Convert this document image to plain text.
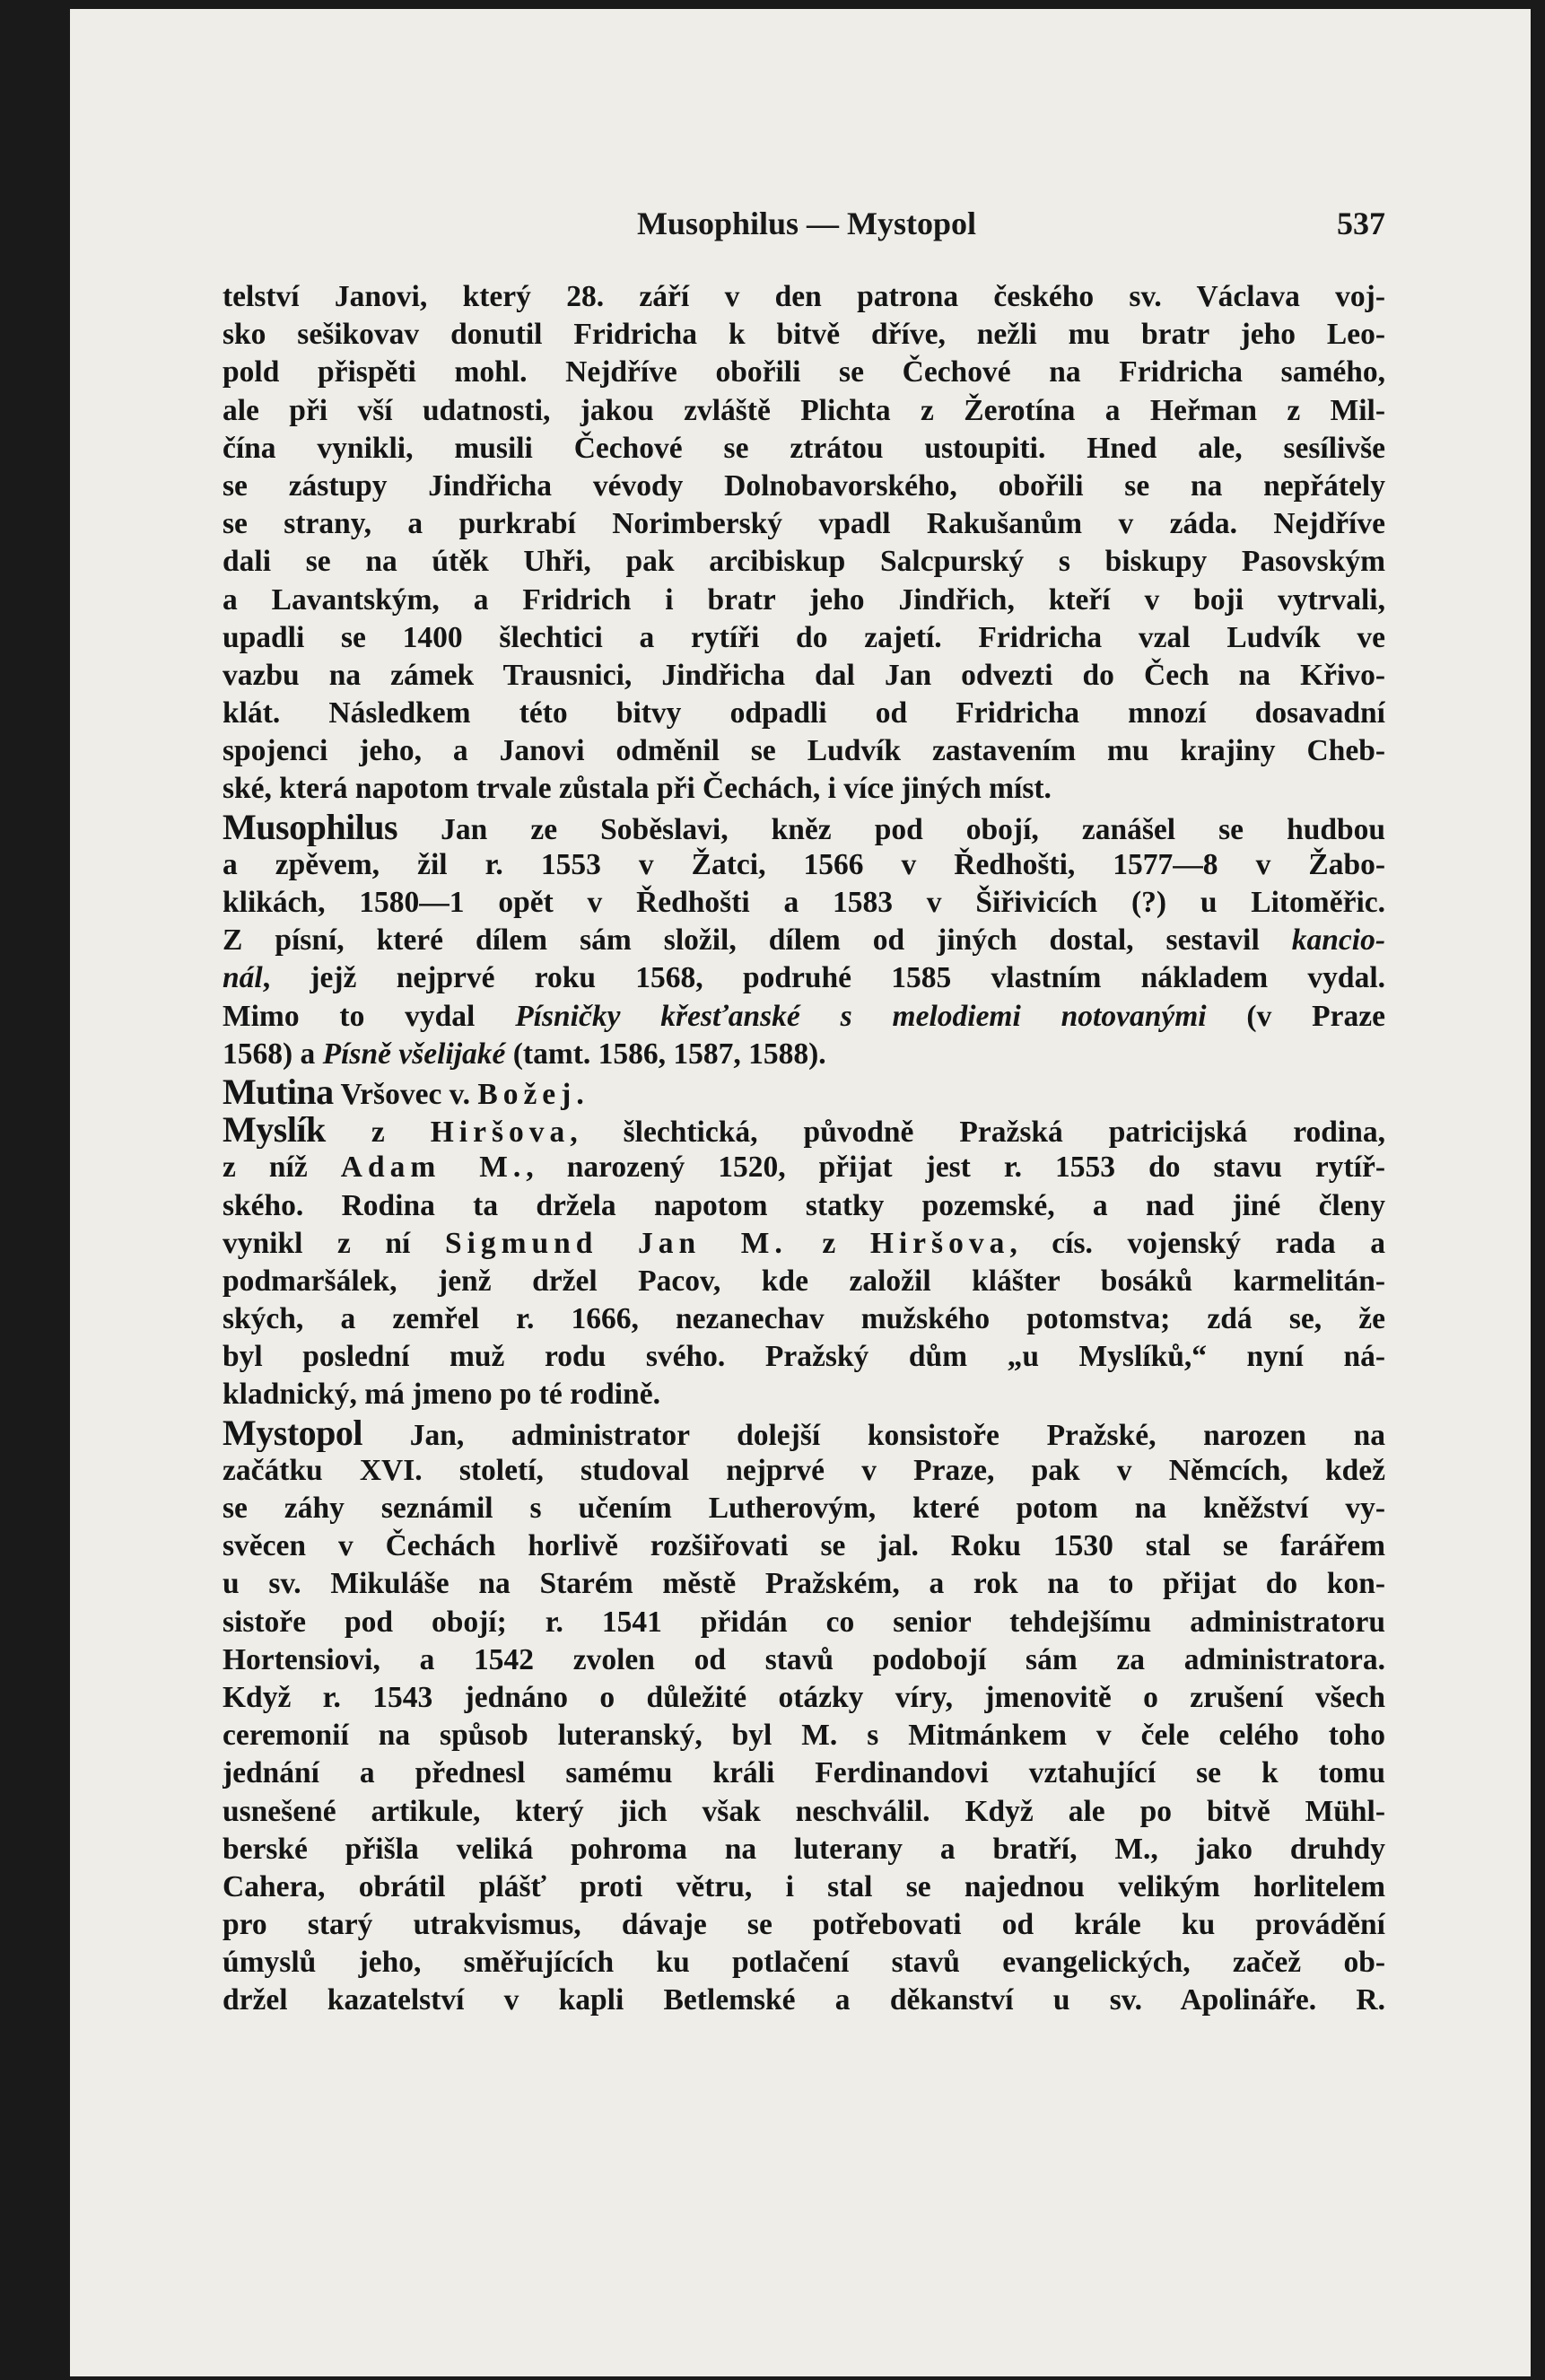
Musophilus — Mystopol	537
telství Janovi, který 28. září v den patrona českého sv. Václava voj-
sko sešikovav donutil Fridricha k bitvě dříve, nežli mu bratr jeho Leo-
pold přispěti mohl. Nejdříve obořili se Čechové na Fridricha samého,
ale při vší udatnosti, jakou zvláště Plichta z Žerotína a Heřman z Mil-
čína vynikli, musili Čechové se ztrátou ustoupiti. Hned ale, sesílivše
se zástupy Jindřicha vévody Dolnobavorského, obořili se na nepřátely
se strany, a purkrabí Norimberský vpadl Rakušanům v záda. Nejdříve
dali se na útěk Uhři, pak arcibiskup Salcpurský s biskupy Pasovským
a Lavantským, a Fridrich i bratr jeho Jindřich, kteří v boji vytrvali,
upadli se 1400 šlechtici a rytíři do zajetí. Fridricha vzal Ludvík ve
vazbu na zámek Trausnici, Jindřicha dal Jan odvezti do Čech na Křivo-
klát. Následkem této bitvy odpadli od Fridricha mnozí dosavadní
spojenci jeho, a Janovi odměnil se Ludvík zastavením mu krajiny Cheb-
ské, která napotom trvale zůstala při Čechách, i více jiných míst.
Musophilus Jan ze Soběslavi, kněz pod obojí, zanášel se hudbou
a zpěvem, žil r. 1553 v Žatci, 1566 v Ředhošti, 1577—8 v Žabo-
klikách, 1580—1 opět v Ředhošti a 1583 v Šiřivicích (?) u Litoměřic.
Z písní, které dílem sám složil, dílem od jiných dostal, sestavil kancio-
nál, jejž nejprvé roku 1568, podruhé 1585 vlastním nákladem vydal.
Mimo to vydal Písničky křesťanské s melodiemi notovanými (v Praze
1568) a Písně všelijaké (tamt. 1586, 1587, 1588).
Mutina Vršovec v. Božej.
Myslík z Hiršova, šlechtická, původně Pražská patricijská rodina,
z níž Adam M., narozený 1520, přijat jest r. 1553 do stavu rytíř-
ského. Rodina ta držela napotom statky pozemské, a nad jiné členy
vynikl z ní Sigmund Jan M. z Hiršova, cís. vojenský rada a
podmaršálek, jenž držel Pacov, kde založil klášter bosáků karmelitán-
ských, a zemřel r. 1666, nezanechav mužského potomstva; zdá se, že
byl poslední muž rodu svého. Pražský dům „u Myslíků,“ nyní ná-
kladnický, má jmeno po té rodině.
Mystopol Jan, administrator dolejší konsistoře Pražské, narozen na
začátku XVI. století, studoval nejprvé v Praze, pak v Němcích, kdež
se záhy seznámil s učením Lutherovým, které potom na kněžství vy-
svěcen v Čechách horlivě rozšiřovati se jal. Roku 1530 stal se farářem
u sv. Mikuláše na Starém městě Pražském, a rok na to přijat do kon-
sistoře pod obojí; r. 1541 přidán co senior tehdejšímu administratoru
Hortensiovi, a 1542 zvolen od stavů podobojí sám za administratora.
Když r. 1543 jednáno o důležité otázky víry, jmenovitě o zrušení všech
ceremonií na spůsob luteranský, byl M. s Mitmánkem v čele celého toho
jednání a přednesl samému králi Ferdinandovi vztahující se k tomu
usnešené artikule, který jich však neschválil. Když ale po bitvě Mühl-
berské přišla veliká pohroma na luterany a bratří, M., jako druhdy
Cahera, obrátil plášť proti větru, i stal se najednou velikým horlitelem
pro starý utrakvismus, dávaje se potřebovati od krále ku provádění
úmyslů jeho, směřujících ku potlačení stavů evangelických, začež ob-
držel kazatelství v kapli Betlemské a děkanství u sv. Apolináře. R.
